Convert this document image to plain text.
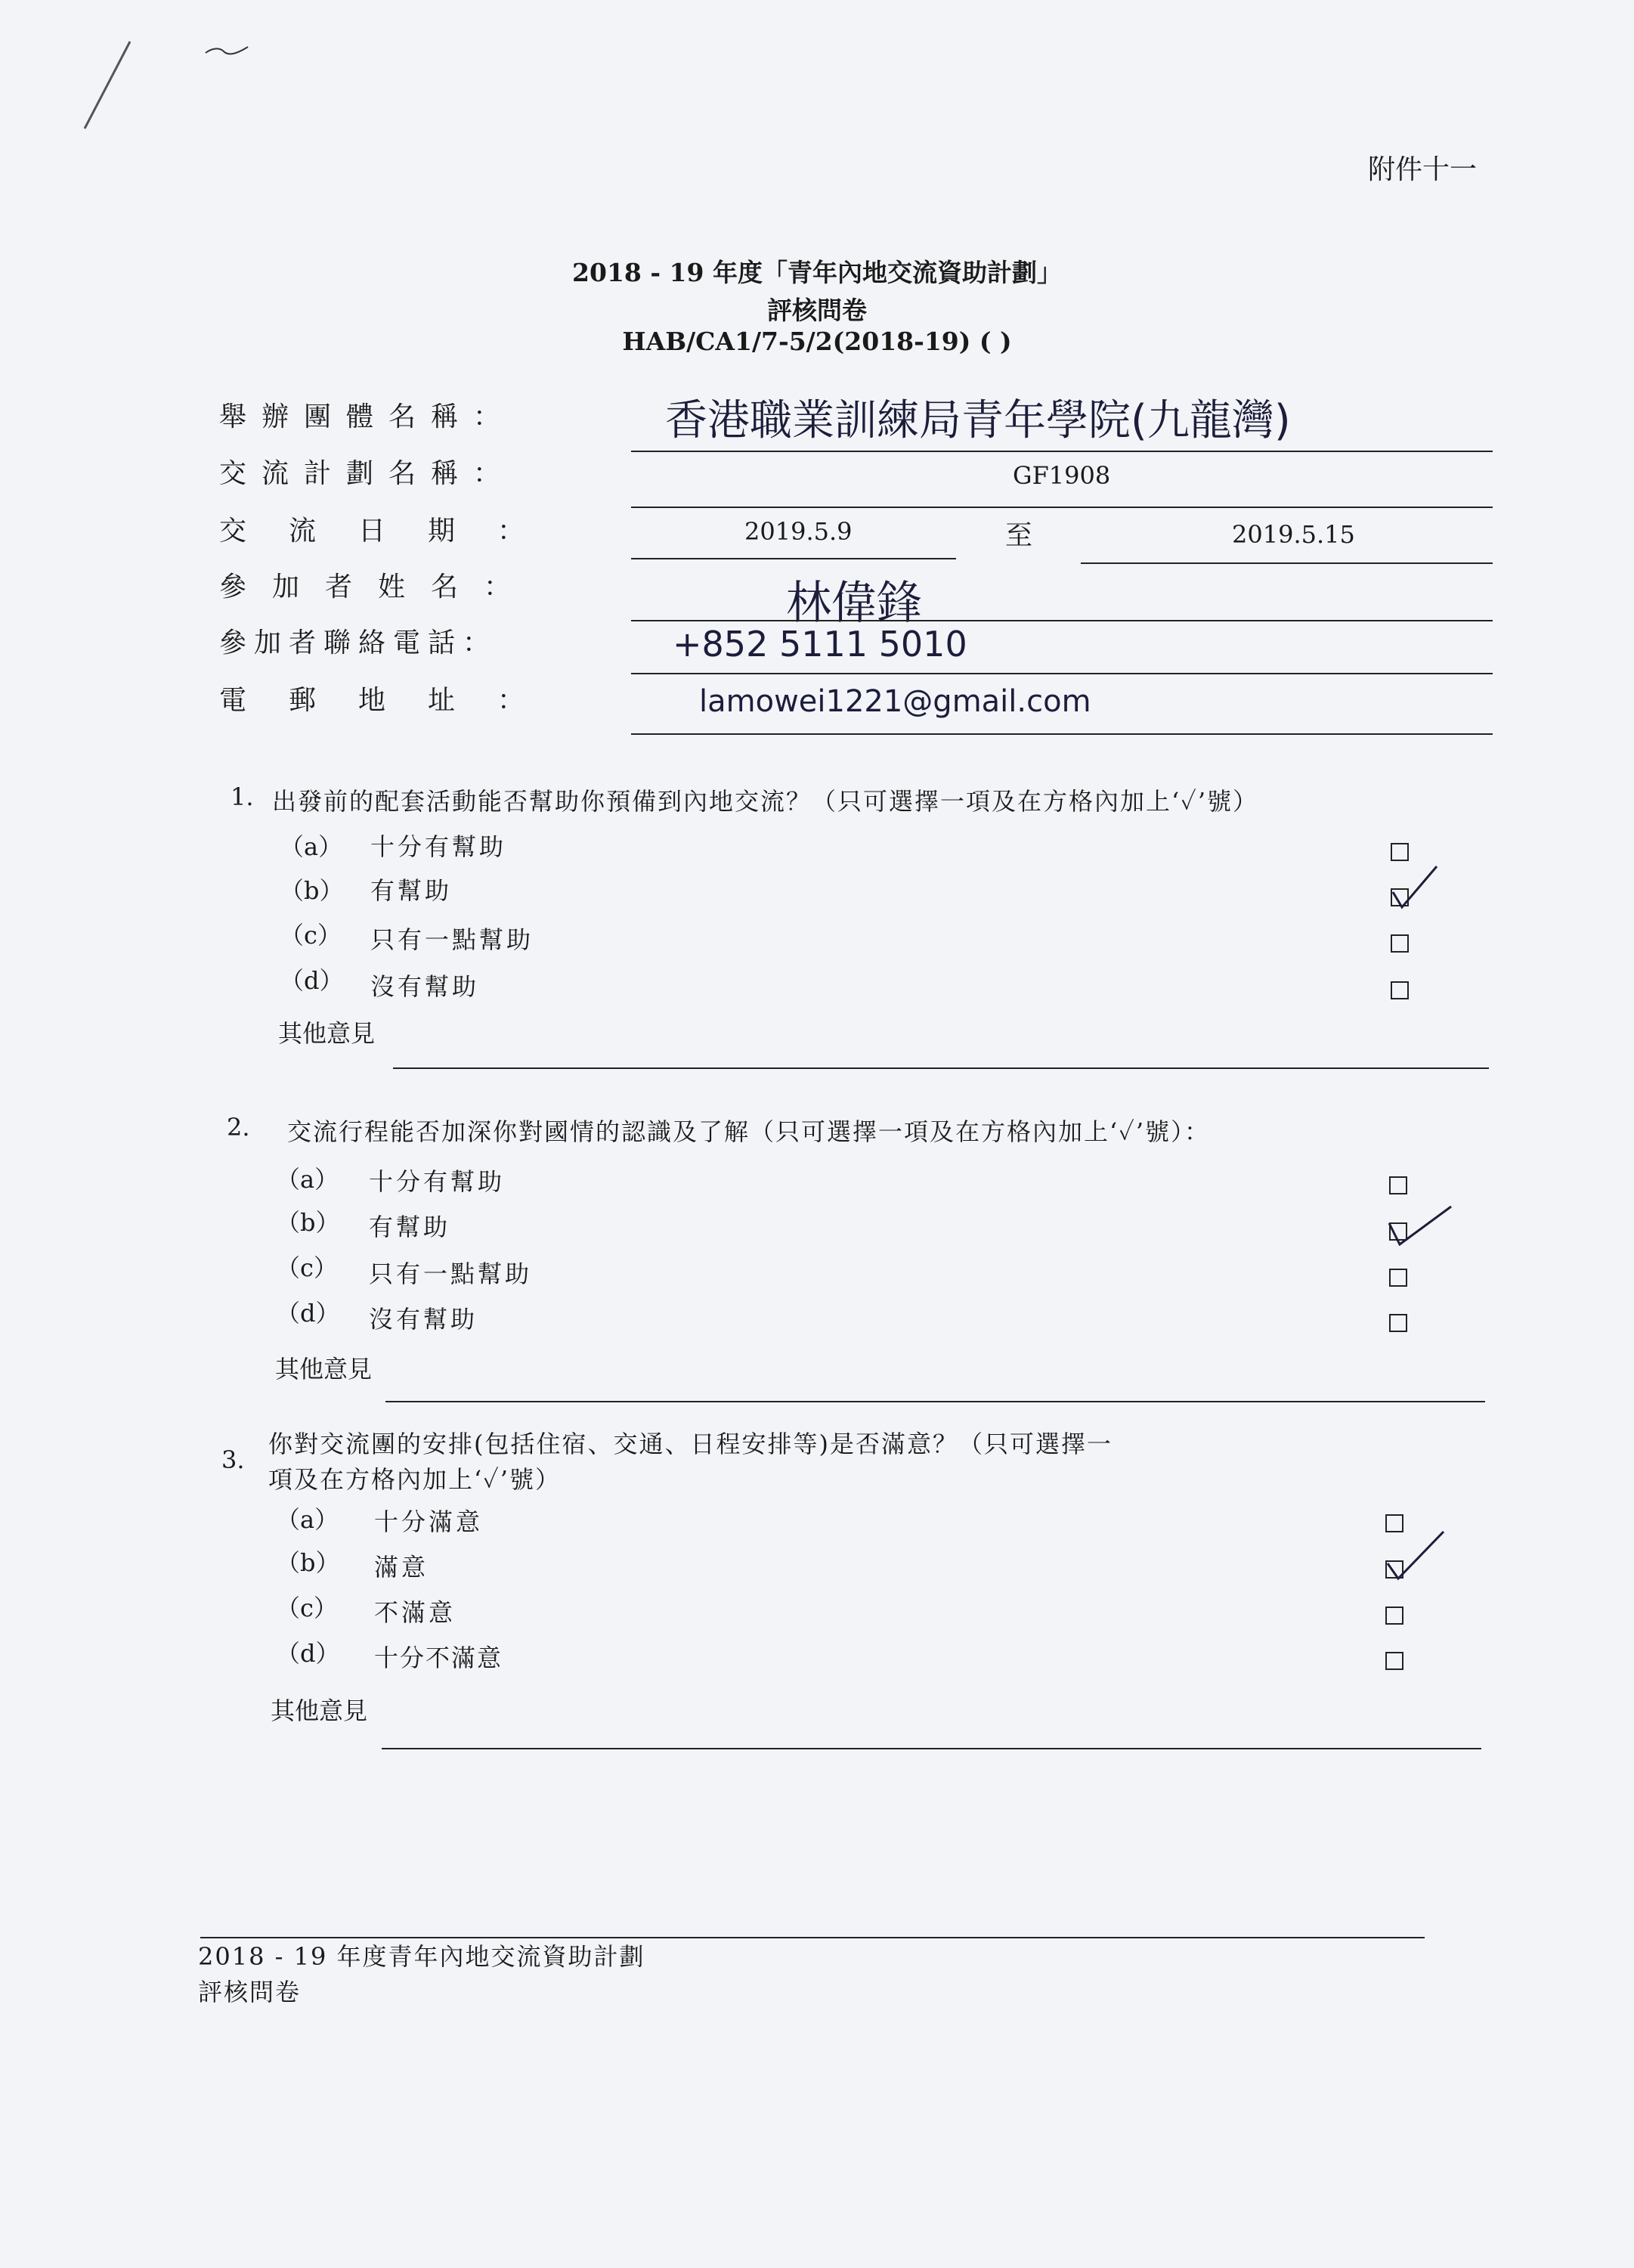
附件十一
2018 - 19 年度「青年內地交流資助計劃」
評核問卷
HAB/CA1/7-5/2(2018-19) ( )
舉辦團體名稱：
交流計劃名稱：
交流日期：
參加者姓名：
參加者聯絡電話：
電郵地址：
香港職業訓練局青年學院(九龍灣)
GF1908
2019.5.9	至	2019.5.15
林偉鋒
+852 5111 5010
lamowei1221@gmail.com
1. 出發前的配套活動能否幫助你預備到內地交流？（只可選擇一項及在方格內加上‘✓’號）
（a） 十分有幫助
（b） 有幫助
（c） 只有一點幫助
（d） 沒有幫助
其他意見
2. 交流行程能否加深你對國情的認識及了解（只可選擇一項及在方格內加上‘✓’號）：
（a） 十分有幫助
（b） 有幫助
（c） 只有一點幫助
（d） 沒有幫助
其他意見
3.
你對交流團的安排(包括住宿、交通、日程安排等)是否滿意？（只可選擇一
項及在方格內加上‘✓’號）
（a） 十分滿意
（b） 滿意
（c） 不滿意
（d） 十分不滿意
其他意見
2018 - 19 年度青年內地交流資助計劃
評核問卷
